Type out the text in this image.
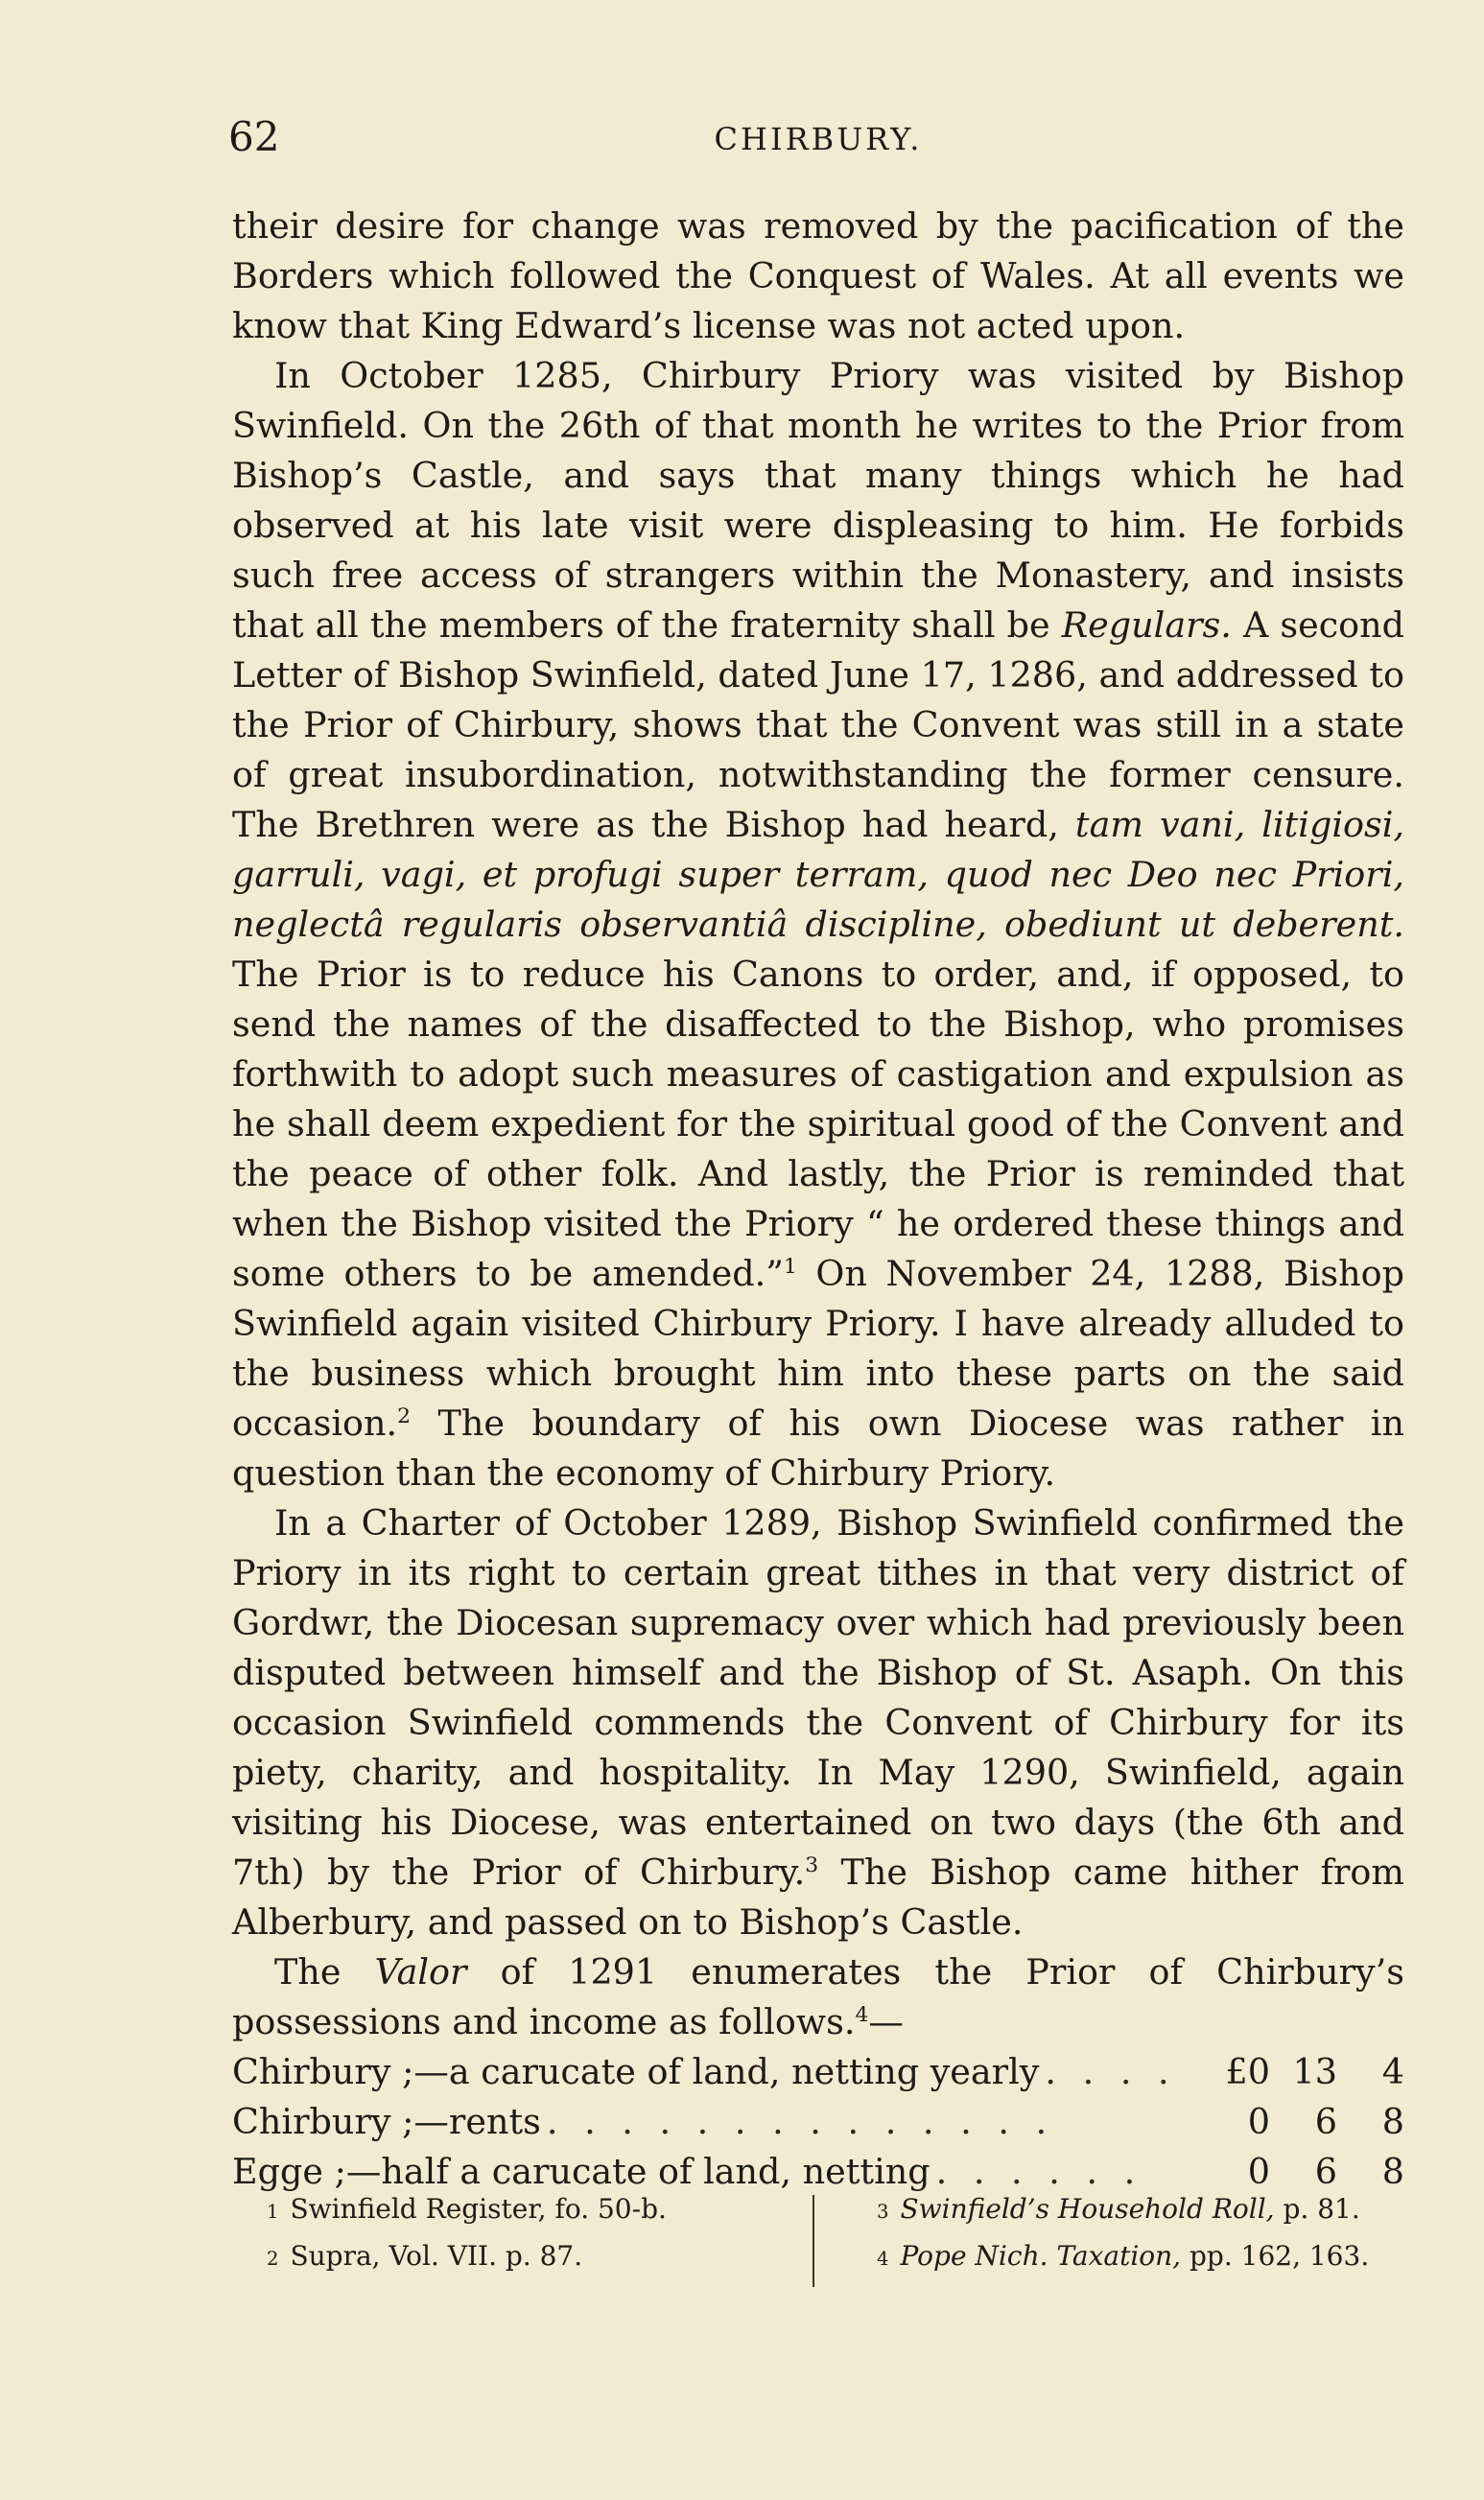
62	CHIRBURY.

their desire for change was removed by the pacification of the Borders which followed the Conquest of Wales. At all events we know that King Edward’s license was not acted upon.

In October 1285, Chirbury Priory was visited by Bishop Swinfield. On the 26th of that month he writes to the Prior from Bishop’s Castle, and says that many things which he had observed at his late visit were displeasing to him. He forbids such free access of strangers within the Monastery, and insists that all the members of the fraternity shall be Regulars. A second Letter of Bishop Swinfield, dated June 17, 1286, and addressed to the Prior of Chirbury, shows that the Convent was still in a state of great insubordination, notwithstanding the former censure. The Brethren were as the Bishop had heard, tam vani, litigiosi, garruli, vagi, et profugi super terram, quod nec Deo nec Priori, neglectâ regularis observantiâ discipline, obediunt ut deberent. The Prior is to reduce his Canons to order, and, if opposed, to send the names of the disaffected to the Bishop, who promises forthwith to adopt such measures of castigation and expulsion as he shall deem expedient for the spiritual good of the Convent and the peace of other folk. And lastly, the Prior is reminded that when the Bishop visited the Priory “ he ordered these things and some others to be amended.”$^1$ On November 24, 1288, Bishop Swinfield again visited Chirbury Priory. I have already alluded to the business which brought him into these parts on the said occasion.$^2$ The boundary of his own Diocese was rather in question than the economy of Chirbury Priory.

In a Charter of October 1289, Bishop Swinfield confirmed the Priory in its right to certain great tithes in that very district of Gordwr, the Diocesan supremacy over which had previously been disputed between himself and the Bishop of St. Asaph. On this occasion Swinfield commends the Convent of Chirbury for its piety, charity, and hospitality. In May 1290, Swinfield, again visiting his Diocese, was entertained on two days (the 6th and 7th) by the Prior of Chirbury.$^3$ The Bishop came hither from Alberbury, and passed on to Bishop’s Castle.

The Valor of 1291 enumerates the Prior of Chirbury’s possessions and income as follows.$^4$—

Chirbury ;—a carucate of land, netting yearly . . . .	£0 13	4
Chirbury ;—rents . . . . . . . . . . . . . .	0	6	8
Egge ;—half a carucate of land, netting . . . . . .	0	6	8
1 Swinfield Register, fo. 50-b.
2 Supra, Vol. VII. p. 87.
3 Swinfield’s Household Roll, p. 81.
4 Pope Nich. Taxation, pp. 162, 163.
